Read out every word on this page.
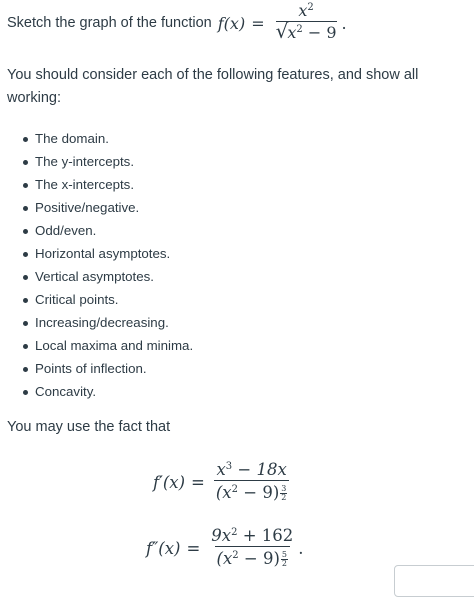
Sketch the graph of the function f(x) =
$x^2$
√ $x^2 - 9$
.
You should consider each of the following features, and show all working:
The domain.
The y-intercepts.
The x-intercepts.
Positive/negative.
Odd/even.
Horizontal asymptotes.
Vertical asymptotes.
Critical points.
Increasing/decreasing.
Local maxima and minima.
Points of inflection.
Concavity.
You may use the fact that
$f'(x) = \frac{x^3 - 18x}{(x^2 - 9) \frac{3}{2}}$
$f''(x) = \frac{9x^2 + 162}{(x^2 - 9) \frac{5}{2}}$ .
